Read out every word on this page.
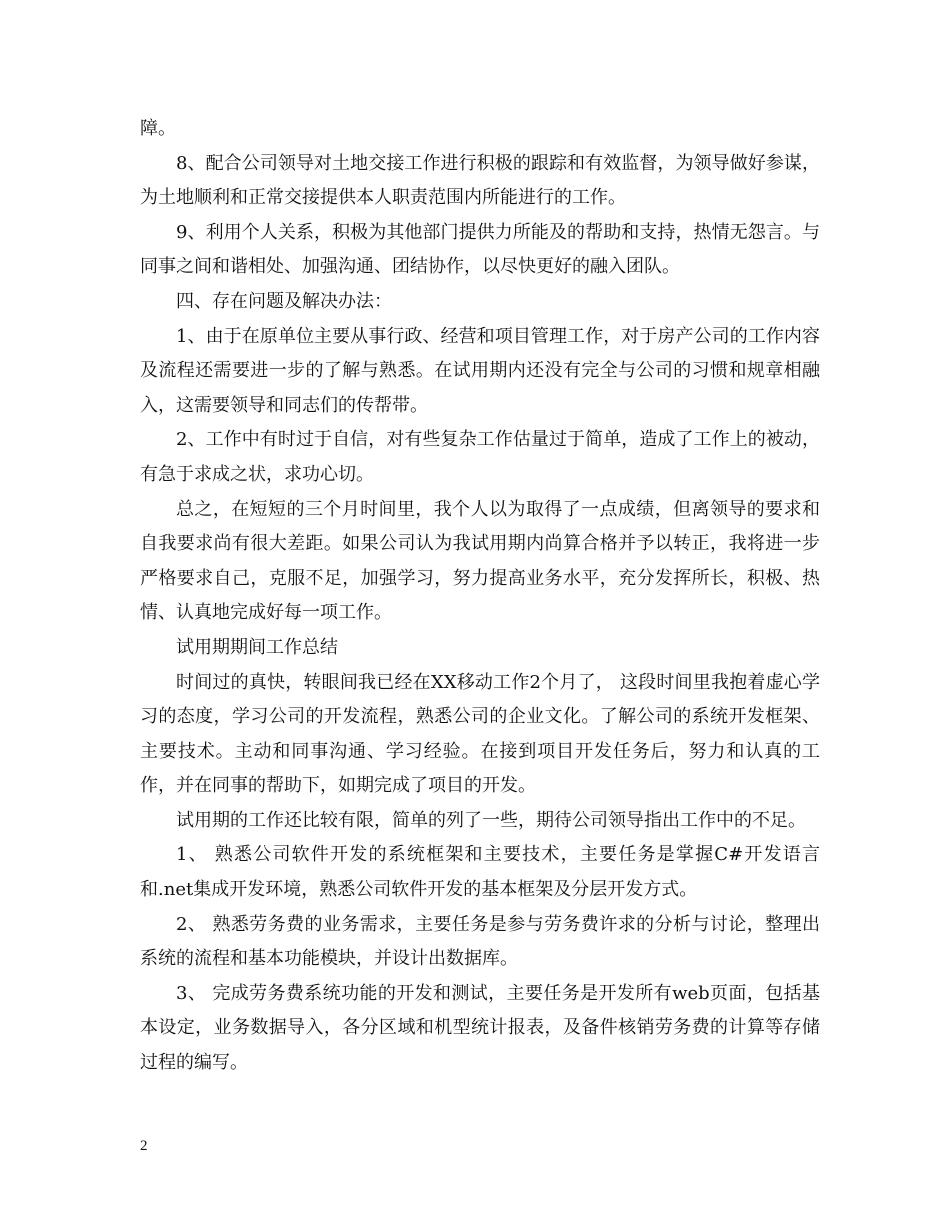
障。

8、配合公司领导对土地交接工作进行积极的跟踪和有效监督，为领导做好参谋，为土地顺利和正常交接提供本人职责范围内所能进行的工作。

9、利用个人关系，积极为其他部门提供力所能及的帮助和支持，热情无怨言。与同事之间和谐相处、加强沟通、团结协作，以尽快更好的融入团队。

四、存在问题及解决办法：

1、由于在原单位主要从事行政、经营和项目管理工作，对于房产公司的工作内容及流程还需要进一步的了解与熟悉。在试用期内还没有完全与公司的习惯和规章相融入，这需要领导和同志们的传帮带。

2、工作中有时过于自信，对有些复杂工作估量过于简单，造成了工作上的被动，有急于求成之状，求功心切。

总之，在短短的三个月时间里，我个人以为取得了一点成绩，但离领导的要求和自我要求尚有很大差距。如果公司认为我试用期内尚算合格并予以转正，我将进一步严格要求自己，克服不足，加强学习，努力提高业务水平，充分发挥所长，积极、热情、认真地完成好每一项工作。

试用期期间工作总结

时间过的真快，转眼间我已经在XX移动工作2个月了， 这段时间里我抱着虚心学习的态度，学习公司的开发流程，熟悉公司的企业文化。了解公司的系统开发框架、主要技术。主动和同事沟通、学习经验。在接到项目开发任务后，努力和认真的工作，并在同事的帮助下，如期完成了项目的开发。

试用期的工作还比较有限，简单的列了一些，期待公司领导指出工作中的不足。

1、 熟悉公司软件开发的系统框架和主要技术，主要任务是掌握C#开发语言和.net集成开发环境，熟悉公司软件开发的基本框架及分层开发方式。

2、 熟悉劳务费的业务需求，主要任务是参与劳务费许求的分析与讨论，整理出系统的流程和基本功能模块，并设计出数据库。

3、 完成劳务费系统功能的开发和测试，主要任务是开发所有web页面，包括基本设定，业务数据导入，各分区域和机型统计报表，及备件核销劳务费的计算等存储过程的编写。

2
